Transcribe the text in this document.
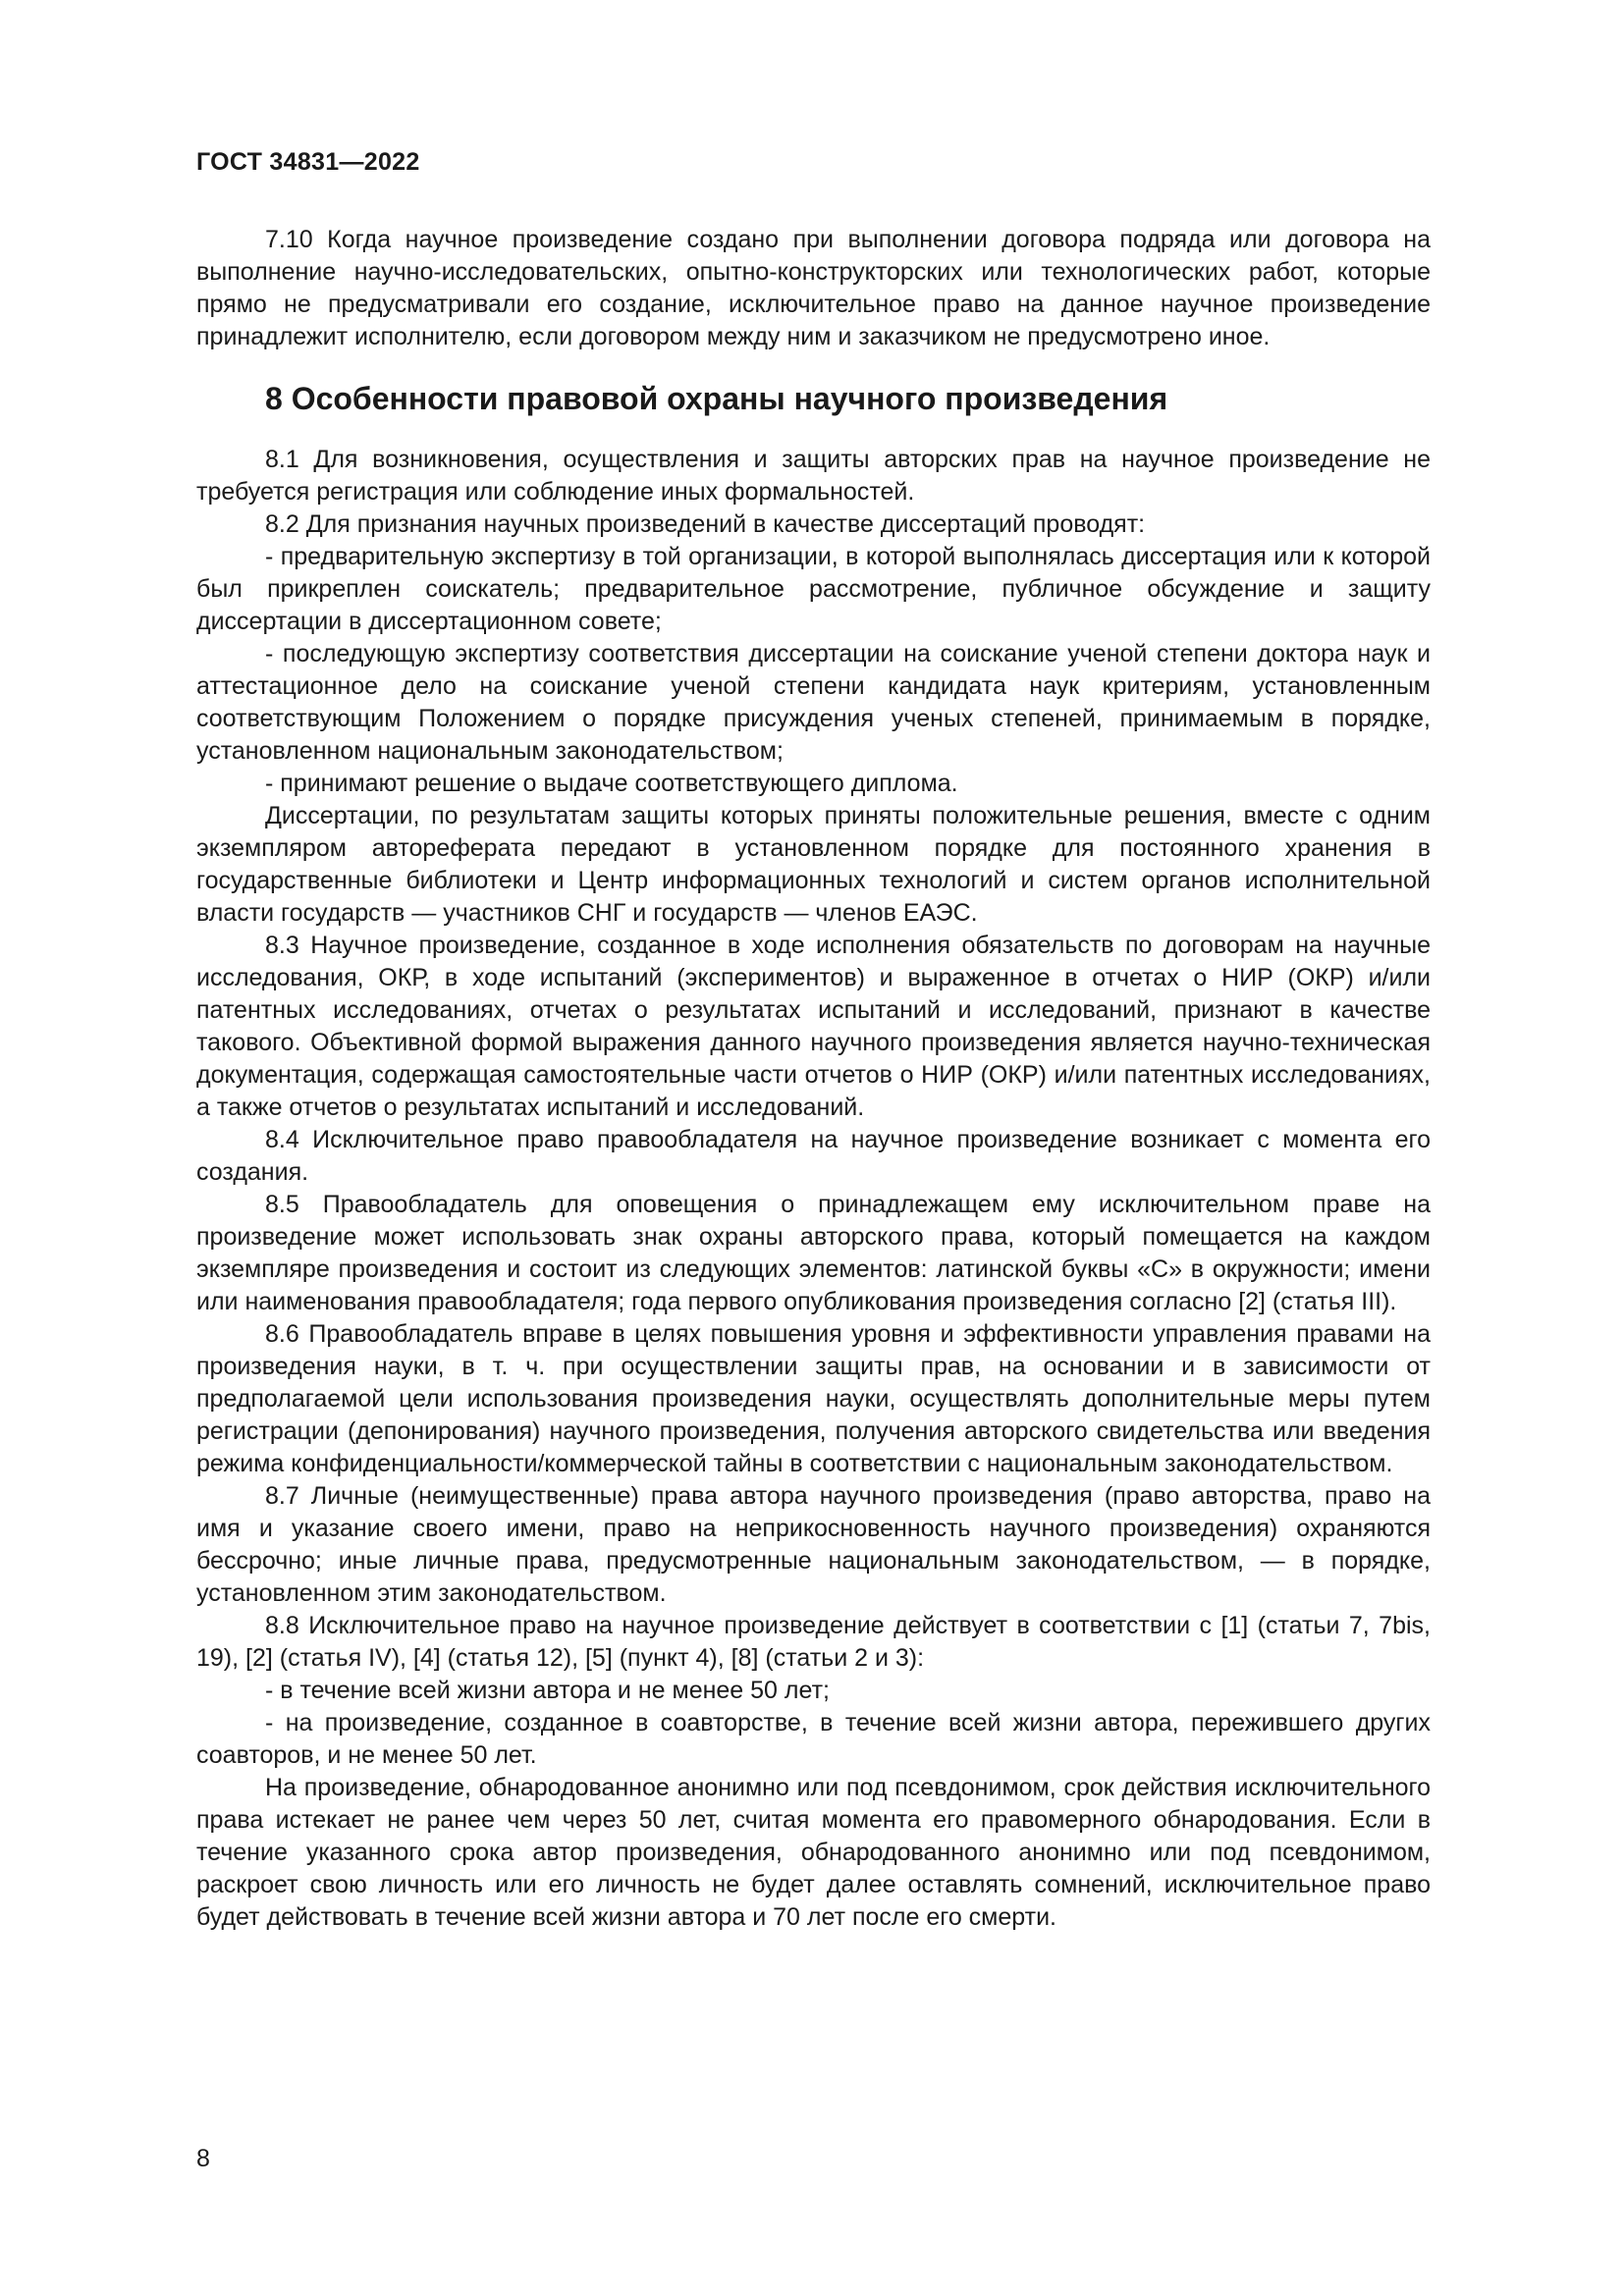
ГОСТ 34831—2022

7.10 Когда научное произведение создано при выполнении договора подряда или договора на выполнение научно-исследовательских, опытно-конструкторских или технологических работ, которые прямо не предусматривали его создание, исключительное право на данное научное произведение принадлежит исполнителю, если договором между ним и заказчиком не предусмотрено иное.

8 Особенности правовой охраны научного произведения

8.1 Для возникновения, осуществления и защиты авторских прав на научное произведение не требуется регистрация или соблюдение иных формальностей.

8.2 Для признания научных произведений в качестве диссертаций проводят:

- предварительную экспертизу в той организации, в которой выполнялась диссертация или к которой был прикреплен соискатель; предварительное рассмотрение, публичное обсуждение и защиту диссертации в диссертационном совете;

- последующую экспертизу соответствия диссертации на соискание ученой степени доктора наук и аттестационное дело на соискание ученой степени кандидата наук критериям, установленным соответствующим Положением о порядке присуждения ученых степеней, принимаемым в порядке, установленном национальным законодательством;

- принимают решение о выдаче соответствующего диплома.

Диссертации, по результатам защиты которых приняты положительные решения, вместе с одним экземпляром автореферата передают в установленном порядке для постоянного хранения в государственные библиотеки и Центр информационных технологий и систем органов исполнительной власти государств — участников СНГ и государств — членов ЕАЭС.

8.3 Научное произведение, созданное в ходе исполнения обязательств по договорам на научные исследования, ОКР, в ходе испытаний (экспериментов) и выраженное в отчетах о НИР (ОКР) и/или патентных исследованиях, отчетах о результатах испытаний и исследований, признают в качестве такового. Объективной формой выражения данного научного произведения является научно-техническая документация, содержащая самостоятельные части отчетов о НИР (ОКР) и/или патентных исследованиях, а также отчетов о результатах испытаний и исследований.

8.4 Исключительное право правообладателя на научное произведение возникает с момента его создания.

8.5 Правообладатель для оповещения о принадлежащем ему исключительном праве на произведение может использовать знак охраны авторского права, который помещается на каждом экземпляре произведения и состоит из следующих элементов: латинской буквы «С» в окружности; имени или наименования правообладателя; года первого опубликования произведения согласно [2] (статья III).

8.6 Правообладатель вправе в целях повышения уровня и эффективности управления правами на произведения науки, в т. ч. при осуществлении защиты прав, на основании и в зависимости от предполагаемой цели использования произведения науки, осуществлять дополнительные меры путем регистрации (депонирования) научного произведения, получения авторского свидетельства или введения режима конфиденциальности/коммерческой тайны в соответствии с национальным законодательством.

8.7 Личные (неимущественные) права автора научного произведения (право авторства, право на имя и указание своего имени, право на неприкосновенность научного произведения) охраняются бессрочно; иные личные права, предусмотренные национальным законодательством, — в порядке, установленном этим законодательством.

8.8 Исключительное право на научное произведение действует в соответствии с [1] (статьи 7, 7bis, 19), [2] (статья IV), [4] (статья 12), [5] (пункт 4), [8] (статьи 2 и 3):

- в течение всей жизни автора и не менее 50 лет;

- на произведение, созданное в соавторстве, в течение всей жизни автора, пережившего других соавторов, и не менее 50 лет.

На произведение, обнародованное анонимно или под псевдонимом, срок действия исключительного права истекает не ранее чем через 50 лет, считая момента его правомерного обнародования. Если в течение указанного срока автор произведения, обнародованного анонимно или под псевдонимом, раскроет свою личность или его личность не будет далее оставлять сомнений, исключительное право будет действовать в течение всей жизни автора и 70 лет после его смерти.

8
